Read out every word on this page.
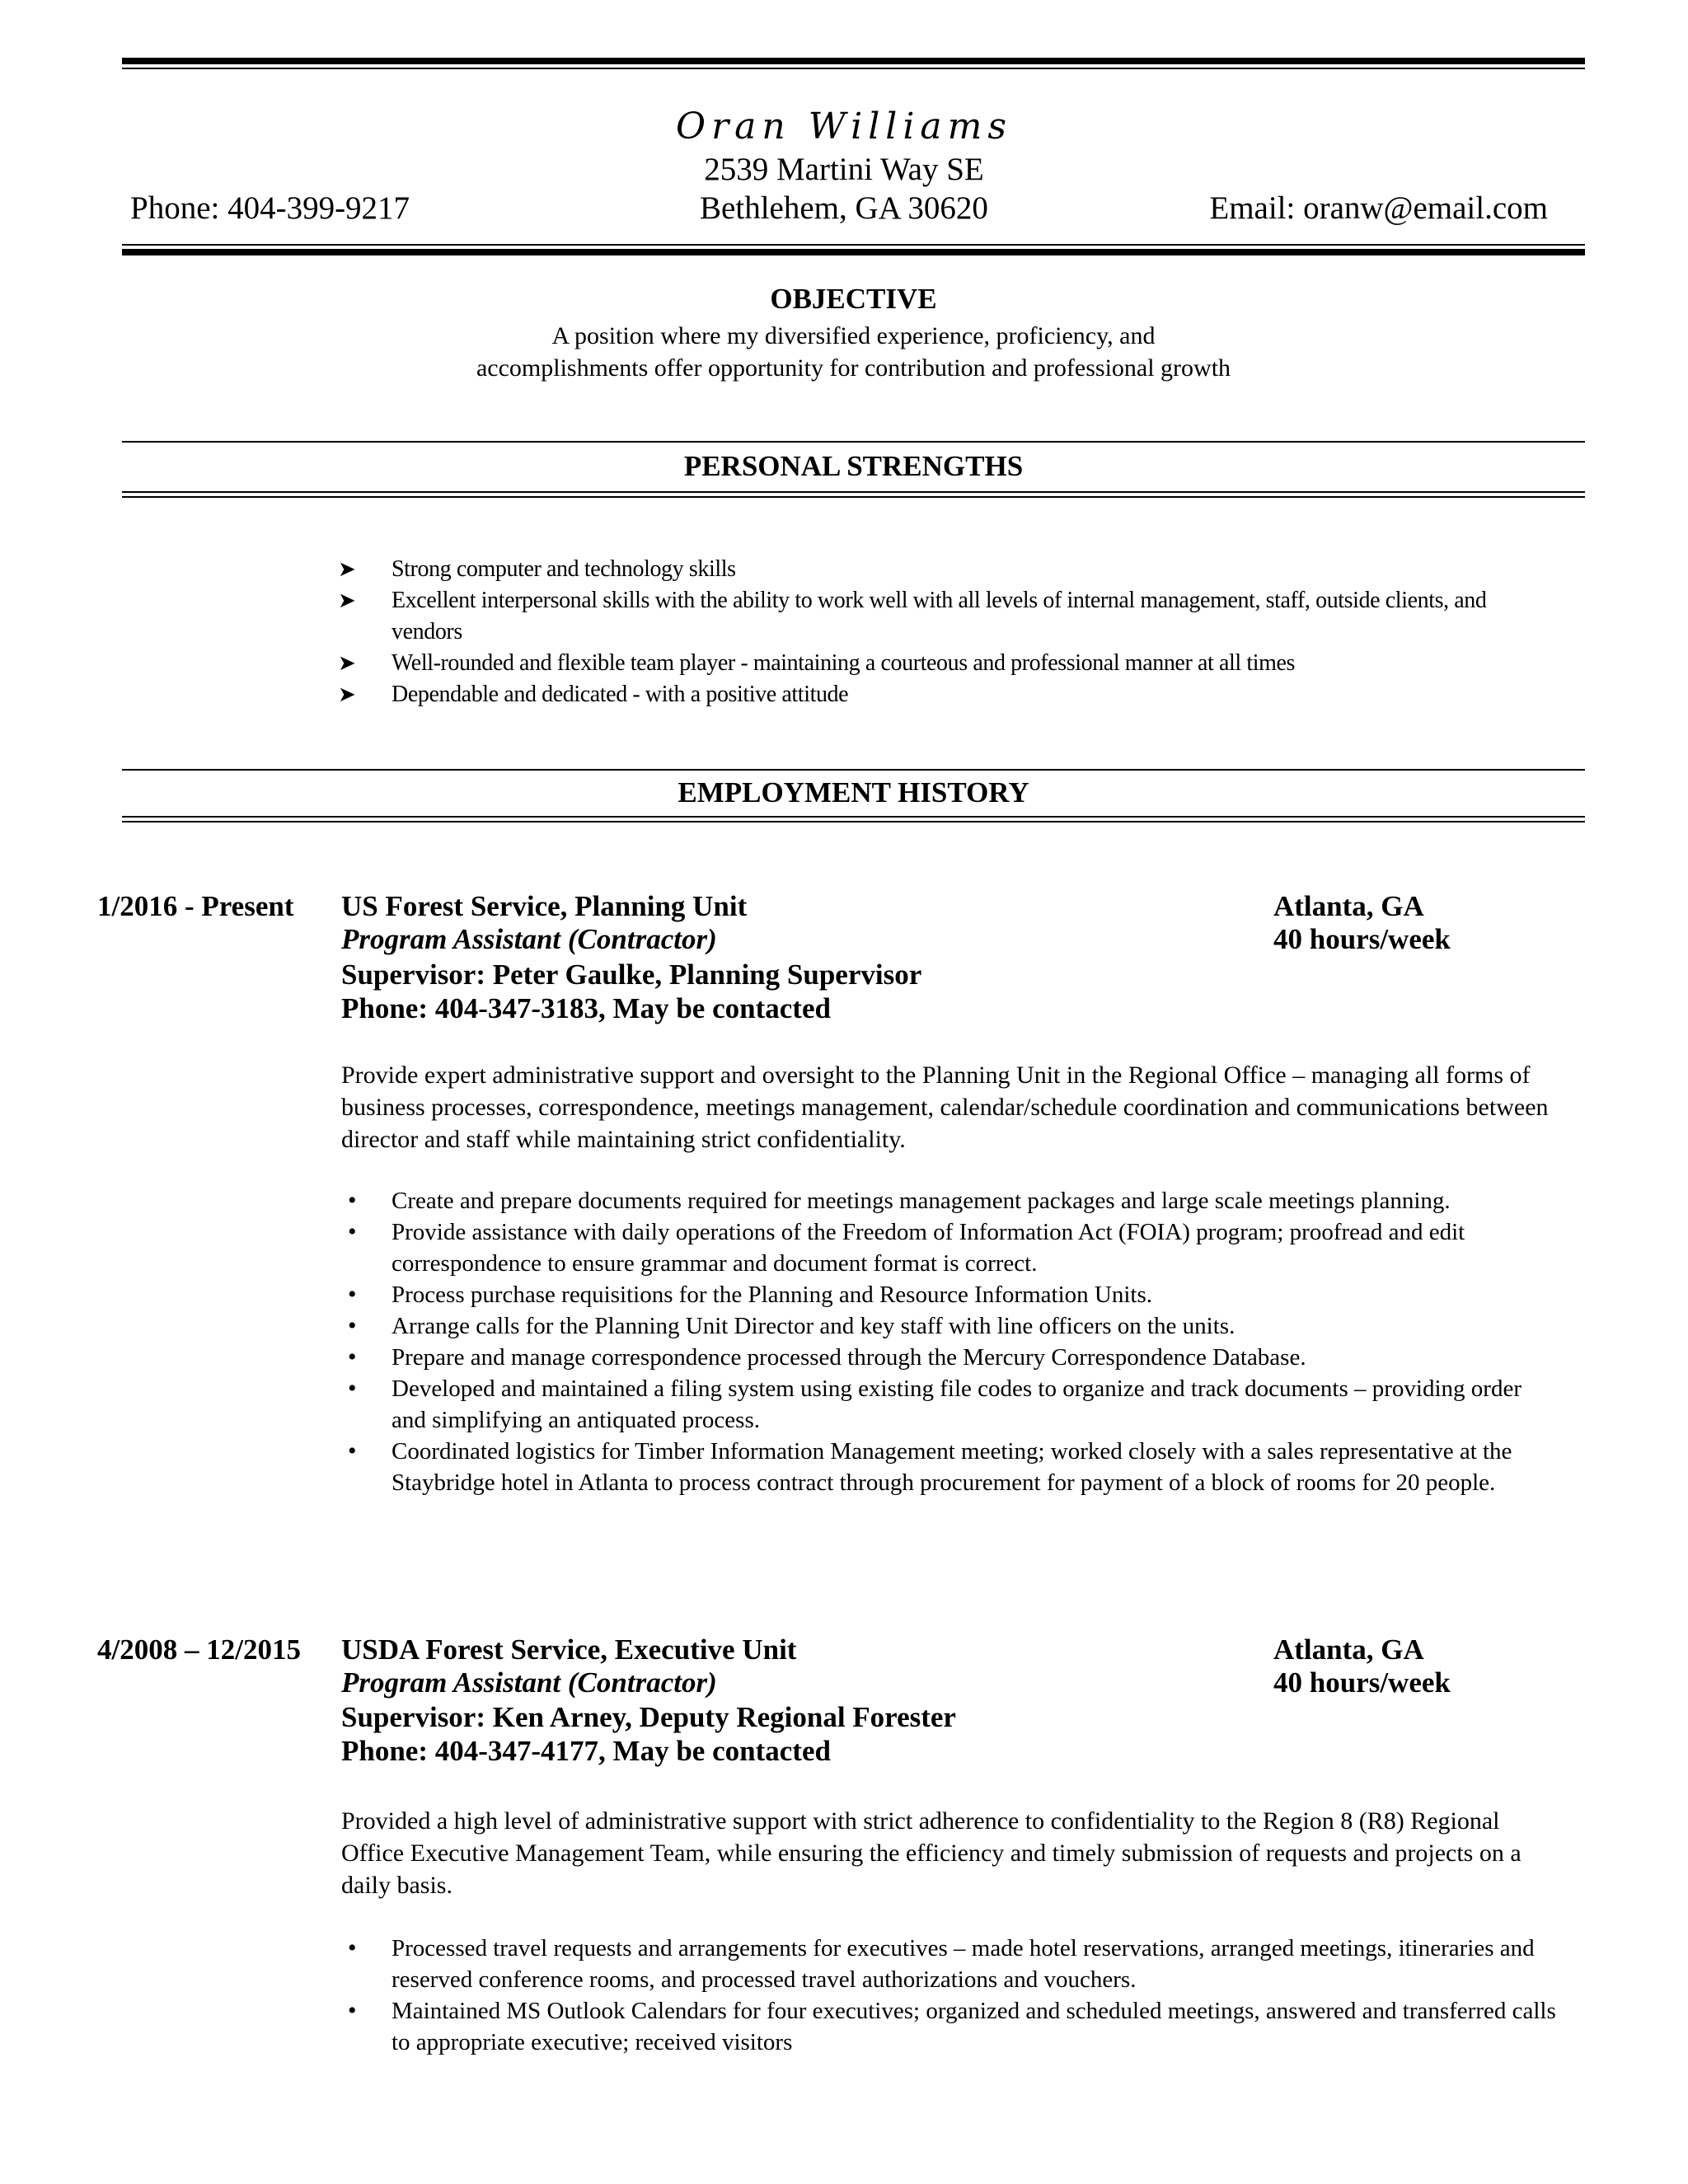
Oran Williams
2539 Martini Way SE
Phone: 404-399-9217	Bethlehem, GA 30620	Email: oranw@email.com
OBJECTIVE
A position where my diversified experience, proficiency, and
accomplishments offer opportunity for contribution and professional growth
PERSONAL STRENGTHS
➤ Strong computer and technology skills
➤ Excellent interpersonal skills with the ability to work well with all levels of internal management, staff, outside clients, and vendors
➤ Well-rounded and flexible team player - maintaining a courteous and professional manner at all times
➤ Dependable and dedicated - with a positive attitude
EMPLOYMENT HISTORY
1/2016 - Present US Forest Service, Planning Unit
Program Assistant (Contractor)
Supervisor: Peter Gaulke, Planning Supervisor
Phone: 404-347-3183, May be contacted
Atlanta, GA
40 hours/week
Provide expert administrative support and oversight to the Planning Unit in the Regional Office – managing all forms of business processes, correspondence, meetings management, calendar/schedule coordination and communications between director and staff while maintaining strict confidentiality.
• Create and prepare documents required for meetings management packages and large scale meetings planning.
• Provide assistance with daily operations of the Freedom of Information Act (FOIA) program; proofread and edit correspondence to ensure grammar and document format is correct.
• Process purchase requisitions for the Planning and Resource Information Units.
• Arrange calls for the Planning Unit Director and key staff with line officers on the units.
• Prepare and manage correspondence processed through the Mercury Correspondence Database.
• Developed and maintained a filing system using existing file codes to organize and track documents – providing order and simplifying an antiquated process.
• Coordinated logistics for Timber Information Management meeting; worked closely with a sales representative at the Staybridge hotel in Atlanta to process contract through procurement for payment of a block of rooms for 20 people.
4/2008 – 12/2015 USDA Forest Service, Executive Unit
Program Assistant (Contractor)
Supervisor: Ken Arney, Deputy Regional Forester
Phone: 404-347-4177, May be contacted
Atlanta, GA
40 hours/week
Provided a high level of administrative support with strict adherence to confidentiality to the Region 8 (R8) Regional Office Executive Management Team, while ensuring the efficiency and timely submission of requests and projects on a daily basis.
• Processed travel requests and arrangements for executives – made hotel reservations, arranged meetings, itineraries and reserved conference rooms, and processed travel authorizations and vouchers.
• Maintained MS Outlook Calendars for four executives; organized and scheduled meetings, answered and transferred calls to appropriate executive; received visitors
